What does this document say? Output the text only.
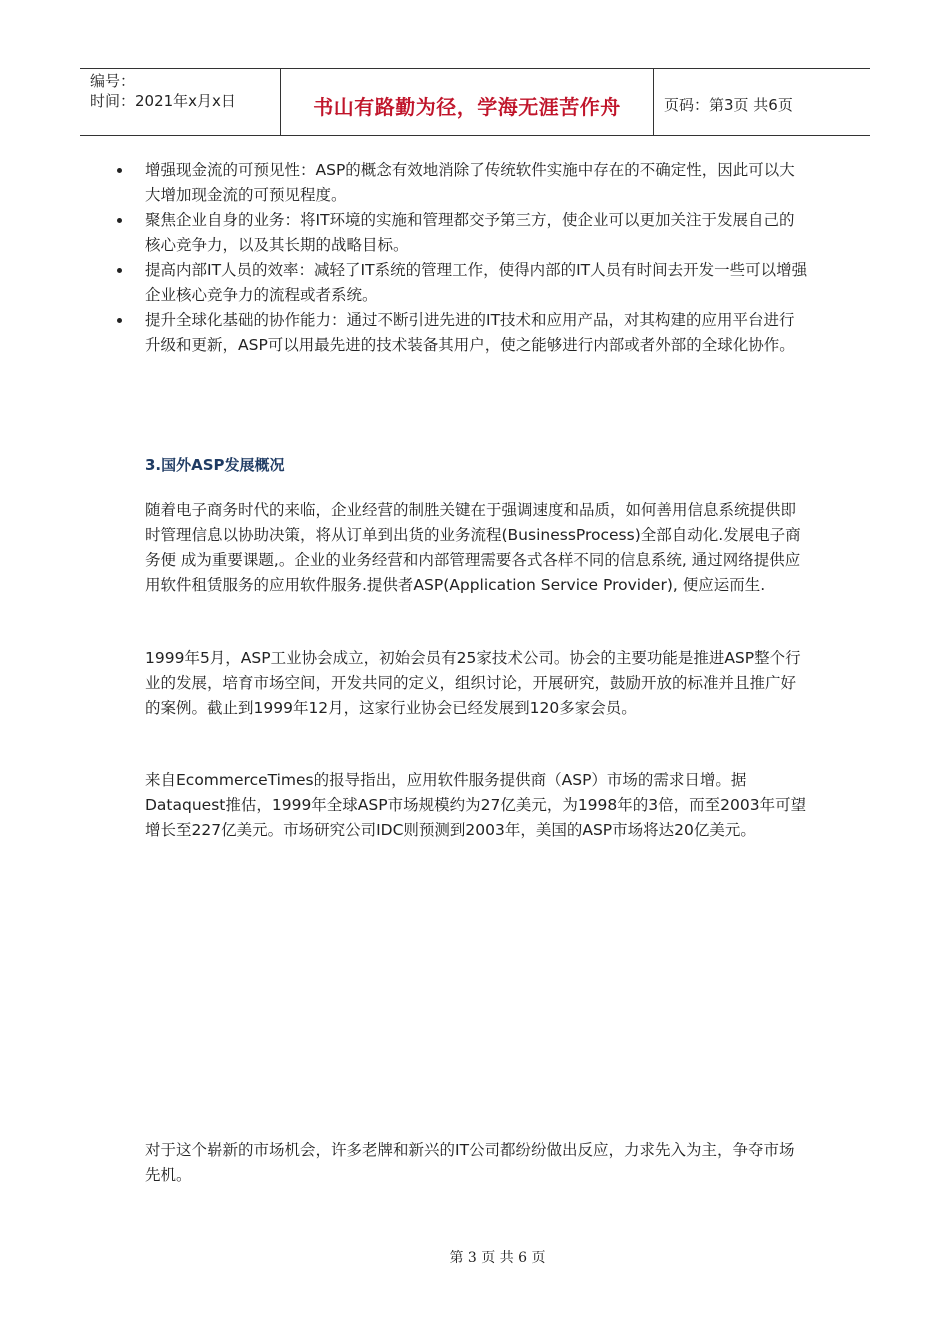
编号：
时间：2021年x月x日	书山有路勤为径，学海无涯苦作舟	页码：第3页 共6页
增强现金流的可预见性：ASP的概念有效地消除了传统软件实施中存在的不确定性，因此可以大大增加现金流的可预见程度。
聚焦企业自身的业务：将IT环境的实施和管理都交予第三方，使企业可以更加关注于发展自己的核心竞争力，以及其长期的战略目标。
提高内部IT人员的效率：减轻了IT系统的管理工作，使得内部的IT人员有时间去开发一些可以增强企业核心竞争力的流程或者系统。
提升全球化基础的协作能力：通过不断引进先进的IT技术和应用产品，对其构建的应用平台进行升级和更新，ASP可以用最先进的技术装备其用户，使之能够进行内部或者外部的全球化协作。
3.国外ASP发展概况
随着电子商务时代的来临，企业经营的制胜关键在于强调速度和品质，如何善用信息系统提供即时管理信息以协助决策，将从订单到出货的业务流程(BusinessProcess)全部自动化.发展电子商务便 成为重要课题,。企业的业务经营和内部管理需要各式各样不同的信息系统, 通过网络提供应用软件租赁服务的应用软件服务.提供者ASP(Application Service Provider), 便应运而生.
1999年5月，ASP工业协会成立，初始会员有25家技术公司。协会的主要功能是推进ASP整个行业的发展，培育市场空间，开发共同的定义，组织讨论，开展研究，鼓励开放的标准并且推广好的案例。截止到1999年12月，这家行业协会已经发展到120多家会员。
来自EcommerceTimes的报导指出，应用软件服务提供商（ASP）市场的需求日增。据Dataquest推估，1999年全球ASP市场规模约为27亿美元，为1998年的3倍，而至2003年可望增长至227亿美元。市场研究公司IDC则预测到2003年，美国的ASP市场将达20亿美元。
对于这个崭新的市场机会，许多老牌和新兴的IT公司都纷纷做出反应，力求先入为主，争夺市场先机。
第 3 页 共 6 页
